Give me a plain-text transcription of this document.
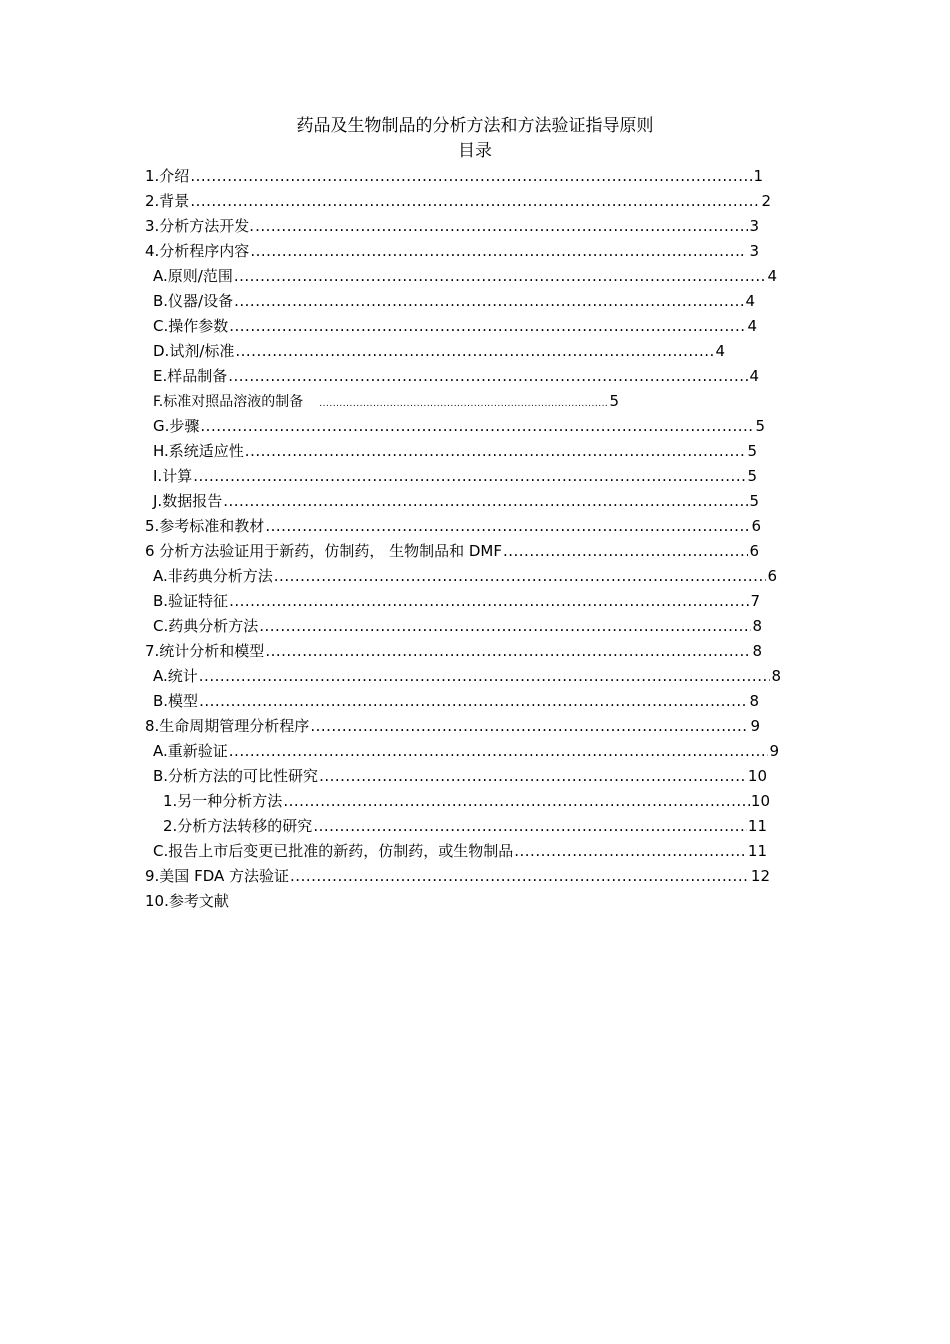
药品及生物制品的分析方法和方法验证指导原则
目录
1.介绍 .....	1
2.背景 .....	2
3.分析方法开发. .....	3
4.分析程序内容 .....	.. 3
A.原则/范围 .....	4
B.仪器/设备 .....	4
C.操作参数 .....	4
D.试剂/标准 .....	4
E.样品制备 .....	4
F.标准对照品溶液的制备 .....	5
G.步骤 .....	5
H.系统适应性 .....	5
I.计算 .....	5
J.数据报告 .....	5
5.参考标准和教材 .....	6
6 分析方法验证用于新药，仿制药， 生物制品和 DMF .....	6
A.非药典分析方法 .....	6
B.验证特征 .....	7
C.药典分析方法 .....	8
7.统计分析和模型 .....	8
A.统计 .....	8
B.模型 .....	8
8.生命周期管理分析程序 .....	9
A.重新验证 .....	9
B.分析方法的可比性研究 .....	10
1.另一种分析方法 .....	10
2.分析方法转移的研究 .....	11
C.报告上市后变更已批准的新药，仿制药，或生物制品 .....	11
9.美国 FDA 方法验证 .....	12
10.参考文献
